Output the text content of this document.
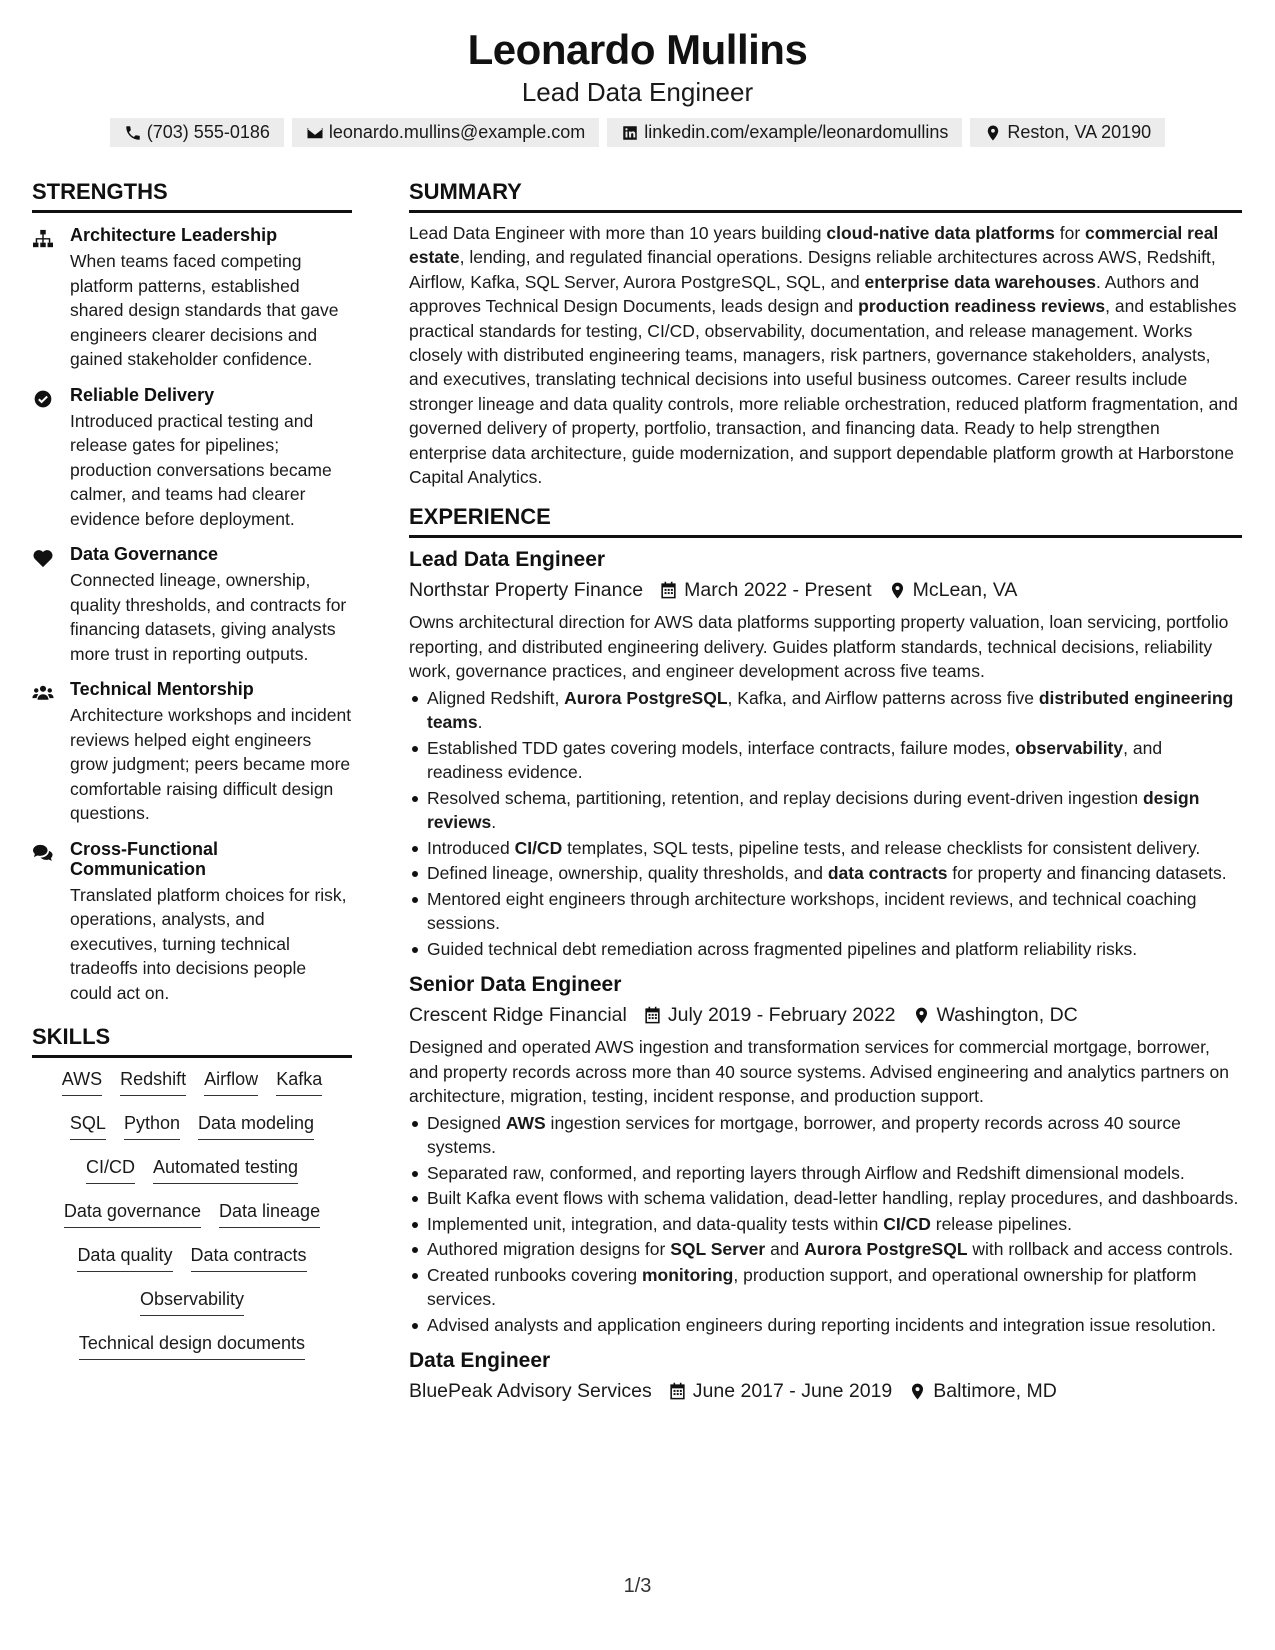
Leonardo Mullins
Lead Data Engineer
(703) 555-0186	leonardo.mullins@example.com	linkedin.com/example/leonardomullins	Reston, VA 20190
STRENGTHS
Architecture Leadership
When teams faced competing platform patterns, established shared design standards that gave engineers clearer decisions and gained stakeholder confidence.
Reliable Delivery
Introduced practical testing and release gates for pipelines; production conversations became calmer, and teams had clearer evidence before deployment.
Data Governance
Connected lineage, ownership, quality thresholds, and contracts for financing datasets, giving analysts more trust in reporting outputs.
Technical Mentorship
Architecture workshops and incident reviews helped eight engineers grow judgment; peers became more comfortable raising difficult design questions.
Cross-Functional Communication
Translated platform choices for risk, operations, analysts, and executives, turning technical tradeoffs into decisions people could act on.
SKILLS
AWS Redshift Airflow Kafka
SQL Python Data modeling
CI/CD Automated testing
Data governance Data lineage
Data quality Data contracts
Observability
Technical design documents
SUMMARY

Lead Data Engineer with more than 10 years building cloud-native data platforms for commercial real estate, lending, and regulated financial operations. Designs reliable architectures across AWS, Redshift, Airflow, Kafka, SQL Server, Aurora PostgreSQL, SQL, and enterprise data warehouses. Authors and approves Technical Design Documents, leads design and production readiness reviews, and establishes practical standards for testing, CI/CD, observability, documentation, and release management. Works closely with distributed engineering teams, managers, risk partners, governance stakeholders, analysts, and executives, translating technical decisions into useful business outcomes. Career results include stronger lineage and data quality controls, more reliable orchestration, reduced platform fragmentation, and governed delivery of property, portfolio, transaction, and financing data. Ready to help strengthen enterprise data architecture, guide modernization, and support dependable platform growth at Harborstone Capital Analytics.

EXPERIENCE
Lead Data Engineer
Northstar Property Finance March 2022 - Present McLean, VA
Owns architectural direction for AWS data platforms supporting property valuation, loan servicing, portfolio reporting, and distributed engineering delivery. Guides platform standards, technical decisions, reliability work, governance practices, and engineer development across five teams.
Aligned Redshift, Aurora PostgreSQL, Kafka, and Airflow patterns across five distributed engineering teams.
Established TDD gates covering models, interface contracts, failure modes, observability, and readiness evidence.
Resolved schema, partitioning, retention, and replay decisions during event-driven ingestion design reviews.
Introduced CI/CD templates, SQL tests, pipeline tests, and release checklists for consistent delivery.
Defined lineage, ownership, quality thresholds, and data contracts for property and financing datasets.
Mentored eight engineers through architecture workshops, incident reviews, and technical coaching sessions.
Guided technical debt remediation across fragmented pipelines and platform reliability risks.
Senior Data Engineer
Crescent Ridge Financial July 2019 - February 2022 Washington, DC
Designed and operated AWS ingestion and transformation services for commercial mortgage, borrower, and property records across more than 40 source systems. Advised engineering and analytics partners on architecture, migration, testing, incident response, and production support.
Designed AWS ingestion services for mortgage, borrower, and property records across 40 source systems.
Separated raw, conformed, and reporting layers through Airflow and Redshift dimensional models.
Built Kafka event flows with schema validation, dead-letter handling, replay procedures, and dashboards.
Implemented unit, integration, and data-quality tests within CI/CD release pipelines.
Authored migration designs for SQL Server and Aurora PostgreSQL with rollback and access controls.
Created runbooks covering monitoring, production support, and operational ownership for platform services.
Advised analysts and application engineers during reporting incidents and integration issue resolution.
Data Engineer
BluePeak Advisory Services June 2017 - June 2019 Baltimore, MD
1/3
